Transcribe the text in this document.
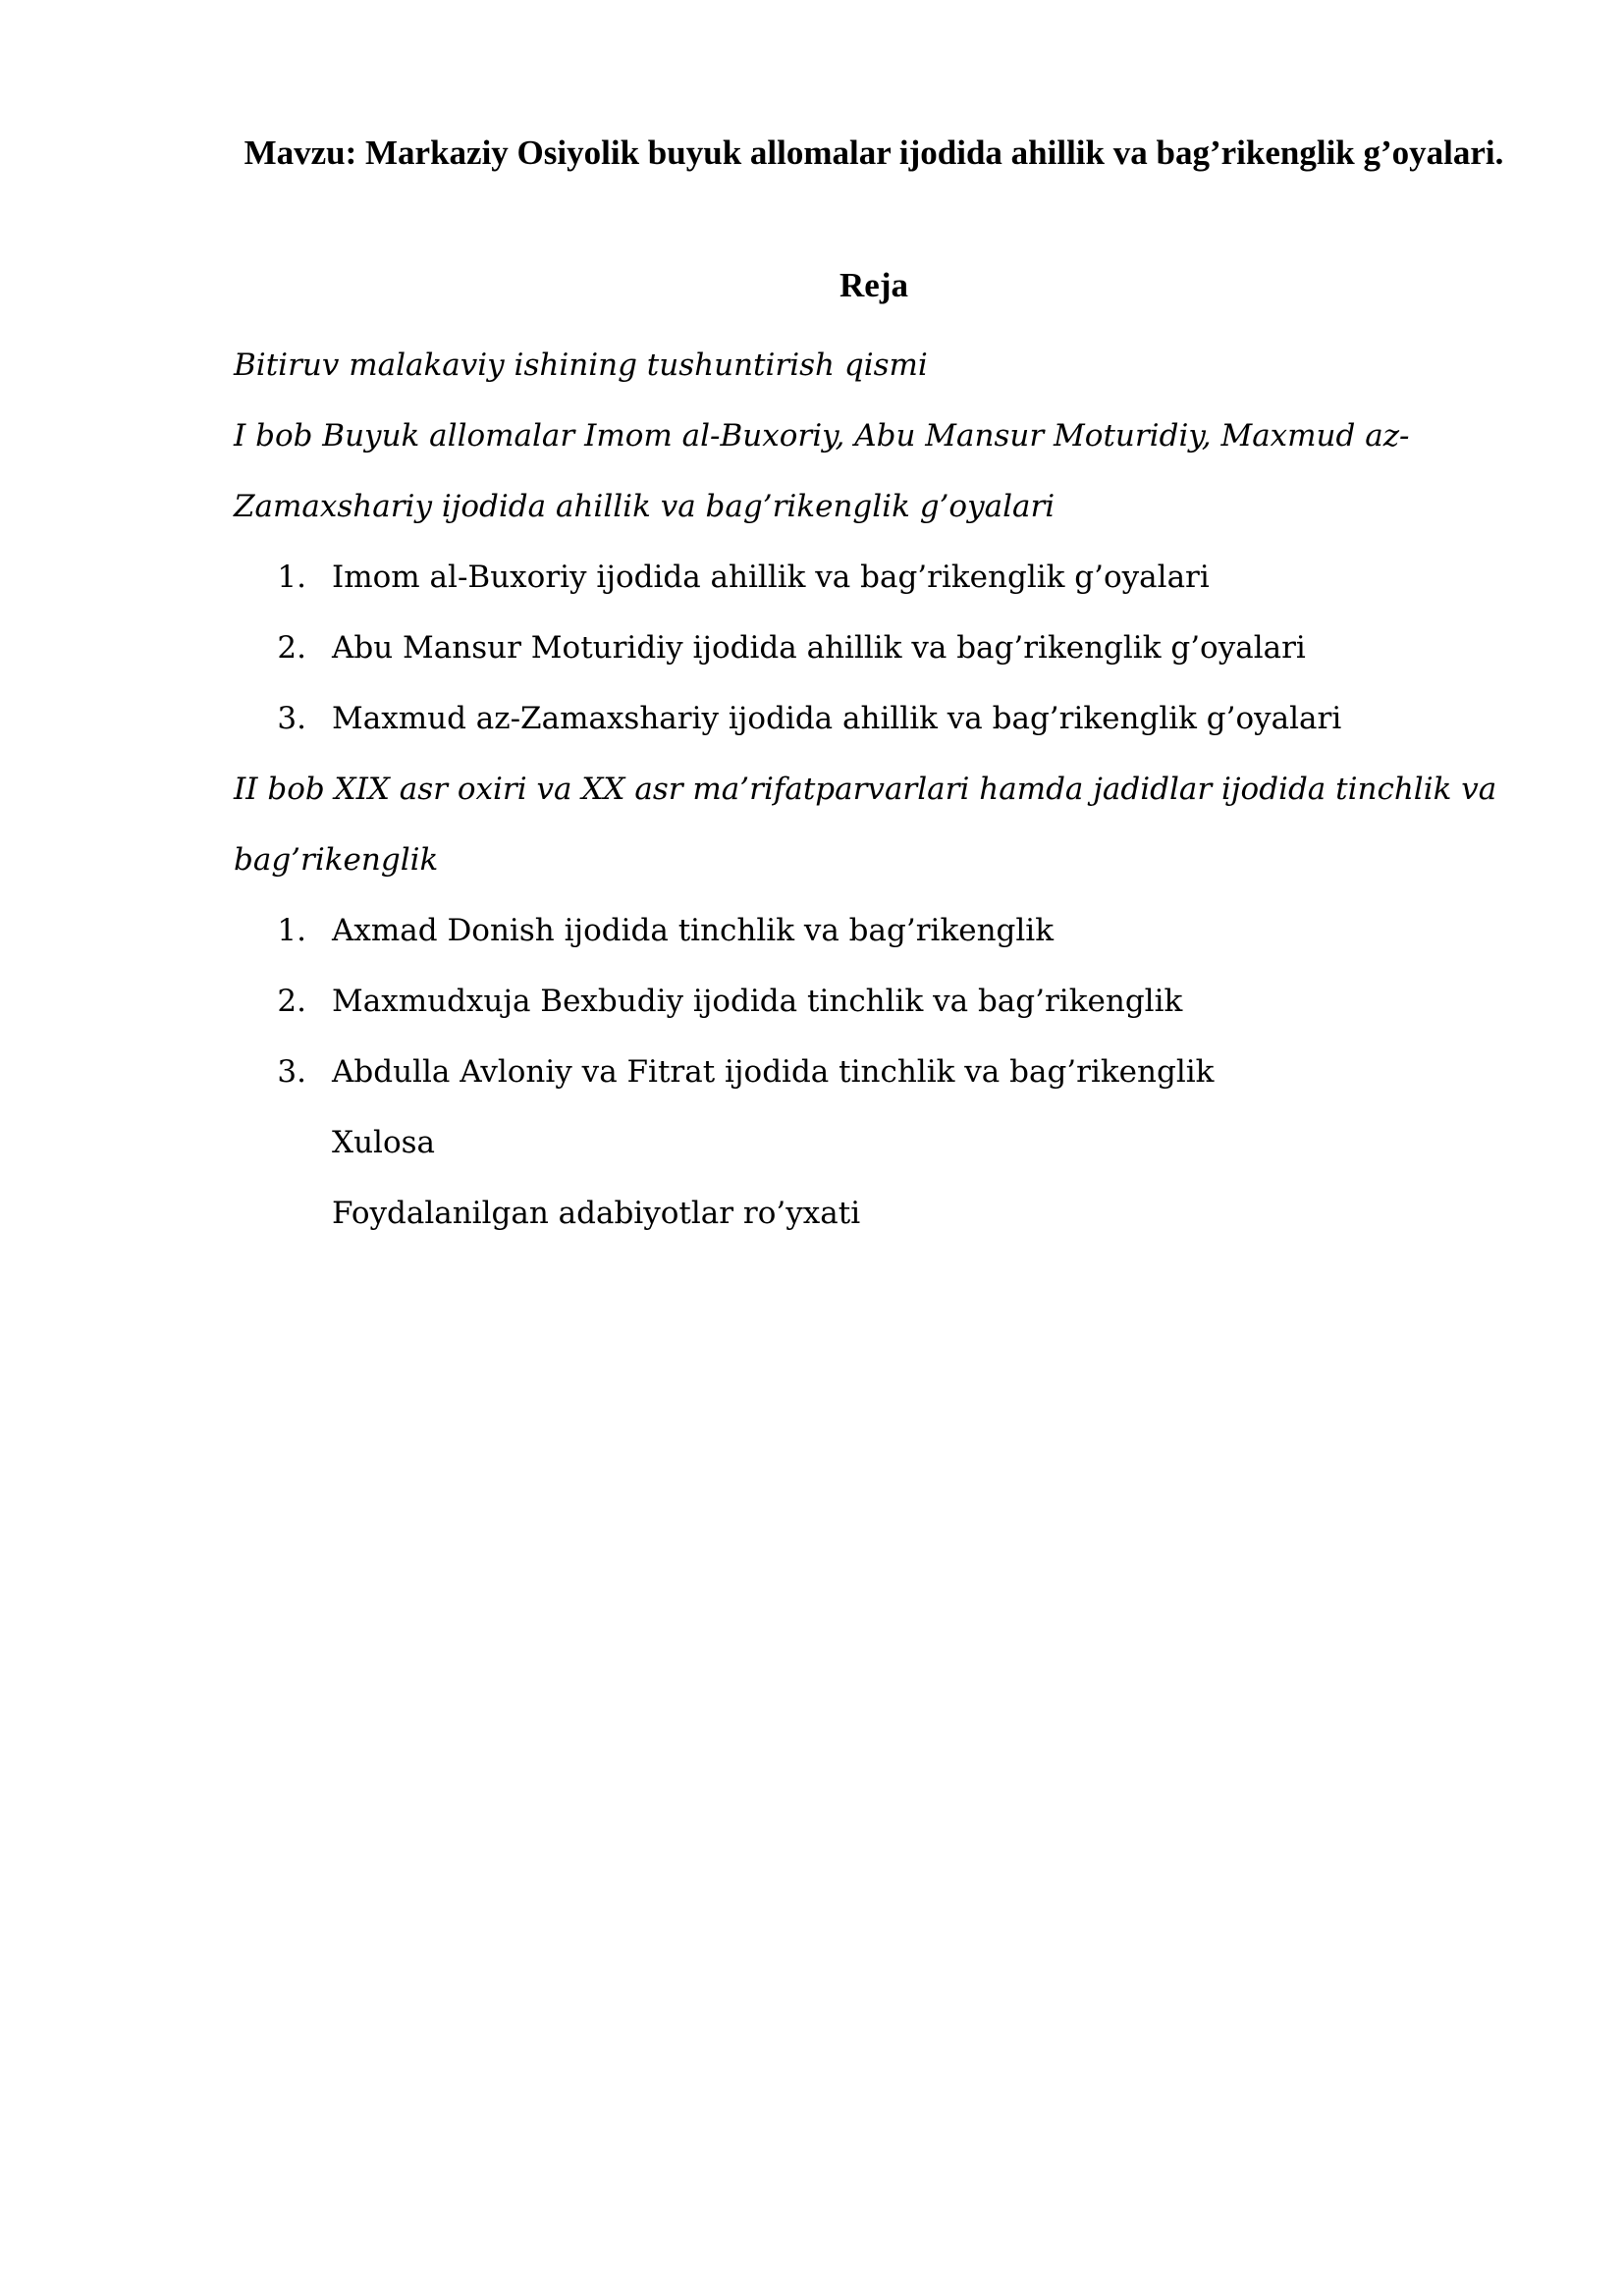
Mavzu: Markaziy Osiyolik buyuk allomalar ijodida ahillik va bag’rikenglik g’oyalari.
Reja
Bitiruv malakaviy ishining tushuntirish qismi
I bob Buyuk allomalar Imom al-Buxoriy, Abu Mansur Moturidiy, Maxmud az-
Zamaxshariy ijodida ahillik va bag’rikenglik g’oyalari
1. Imom al-Buxoriy ijodida ahillik va bag’rikenglik g’oyalari
2. Abu Mansur Moturidiy ijodida ahillik va bag’rikenglik g’oyalari
3. Maxmud az-Zamaxshariy ijodida ahillik va bag’rikenglik g’oyalari
II bob XIX asr oxiri va XX asr ma’rifatparvarlari hamda jadidlar ijodida tinchlik va
bag’rikenglik
1. Axmad Donish ijodida tinchlik va bag’rikenglik
2. Maxmudxuja Bexbudiy ijodida tinchlik va bag’rikenglik
3. Abdulla Avloniy va Fitrat ijodida tinchlik va bag’rikenglik
Xulosa
Foydalanilgan adabiyotlar ro’yxati
